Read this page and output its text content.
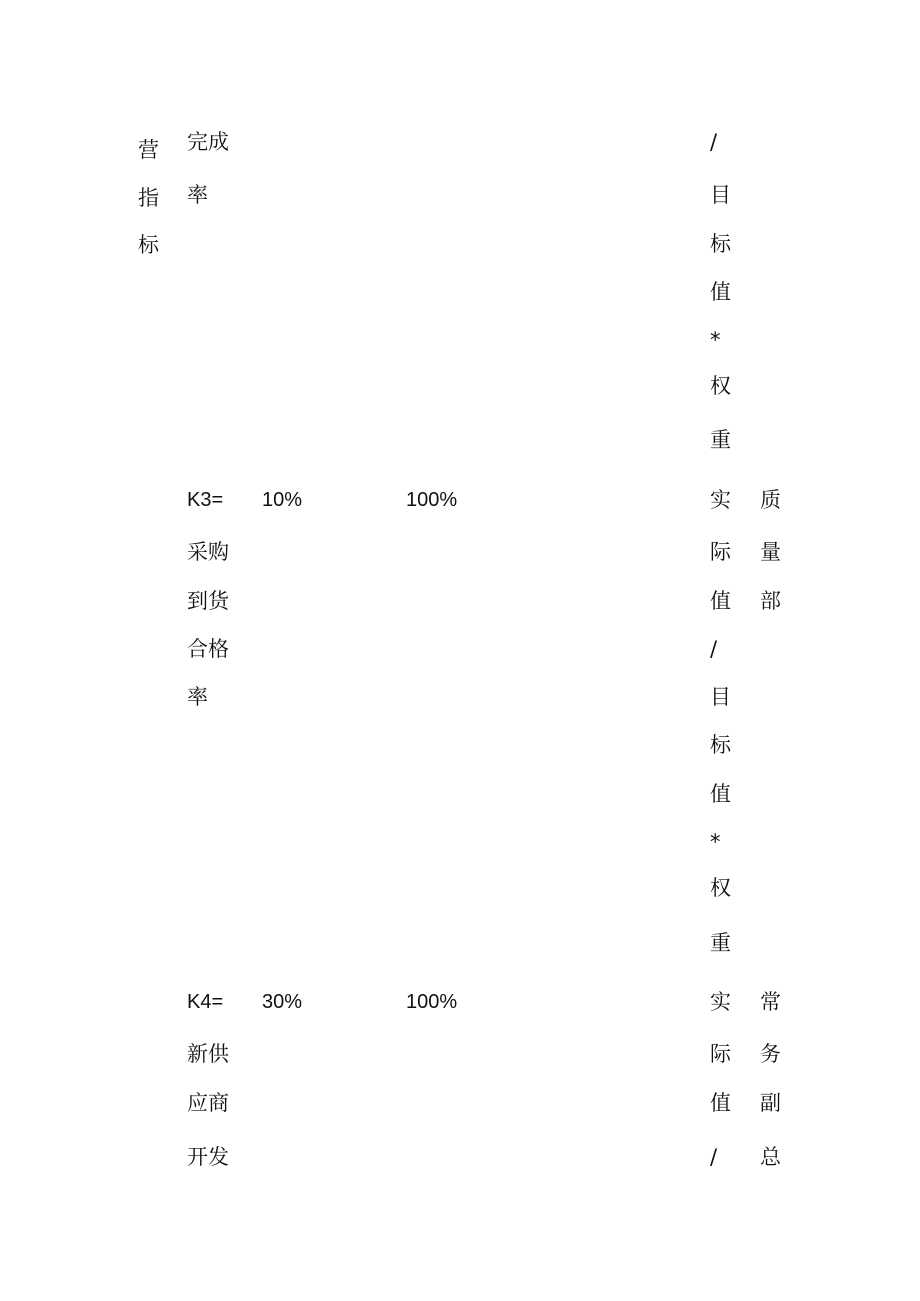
营
指
标
完成
率
/
目
标
值
*
权
重
K3= 10%	100%
采购
到货
合格
率
实
际
值
/
目
标
值
*
权
重
质
量
部
K4= 30%	100%
新供
应商
开发
实
际
值
/
常
务
副
总
